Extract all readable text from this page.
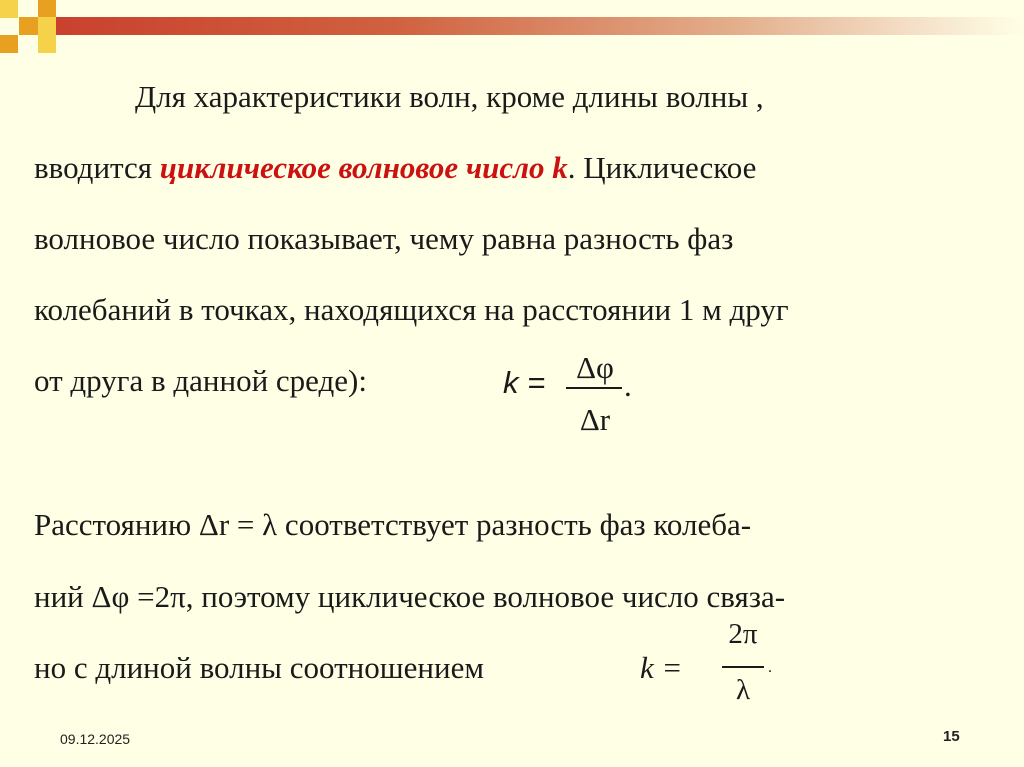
Для характеристики волн, кроме длины волны ,
вводится циклическое волновое число k. Циклическое
волновое число показывает, чему равна разность фаз
колебаний в точках, находящихся на расстоянии 1 м друг
от друга в данной среде):	k = Δφ
Δr
.
Расстоянию Δr = λ соответствует разность фаз колеба-
ний Δφ =2π, поэтому циклическое волновое число связа-
но с длиной волны соотношением	k =
2π
λ
.
09.12.2025	15
